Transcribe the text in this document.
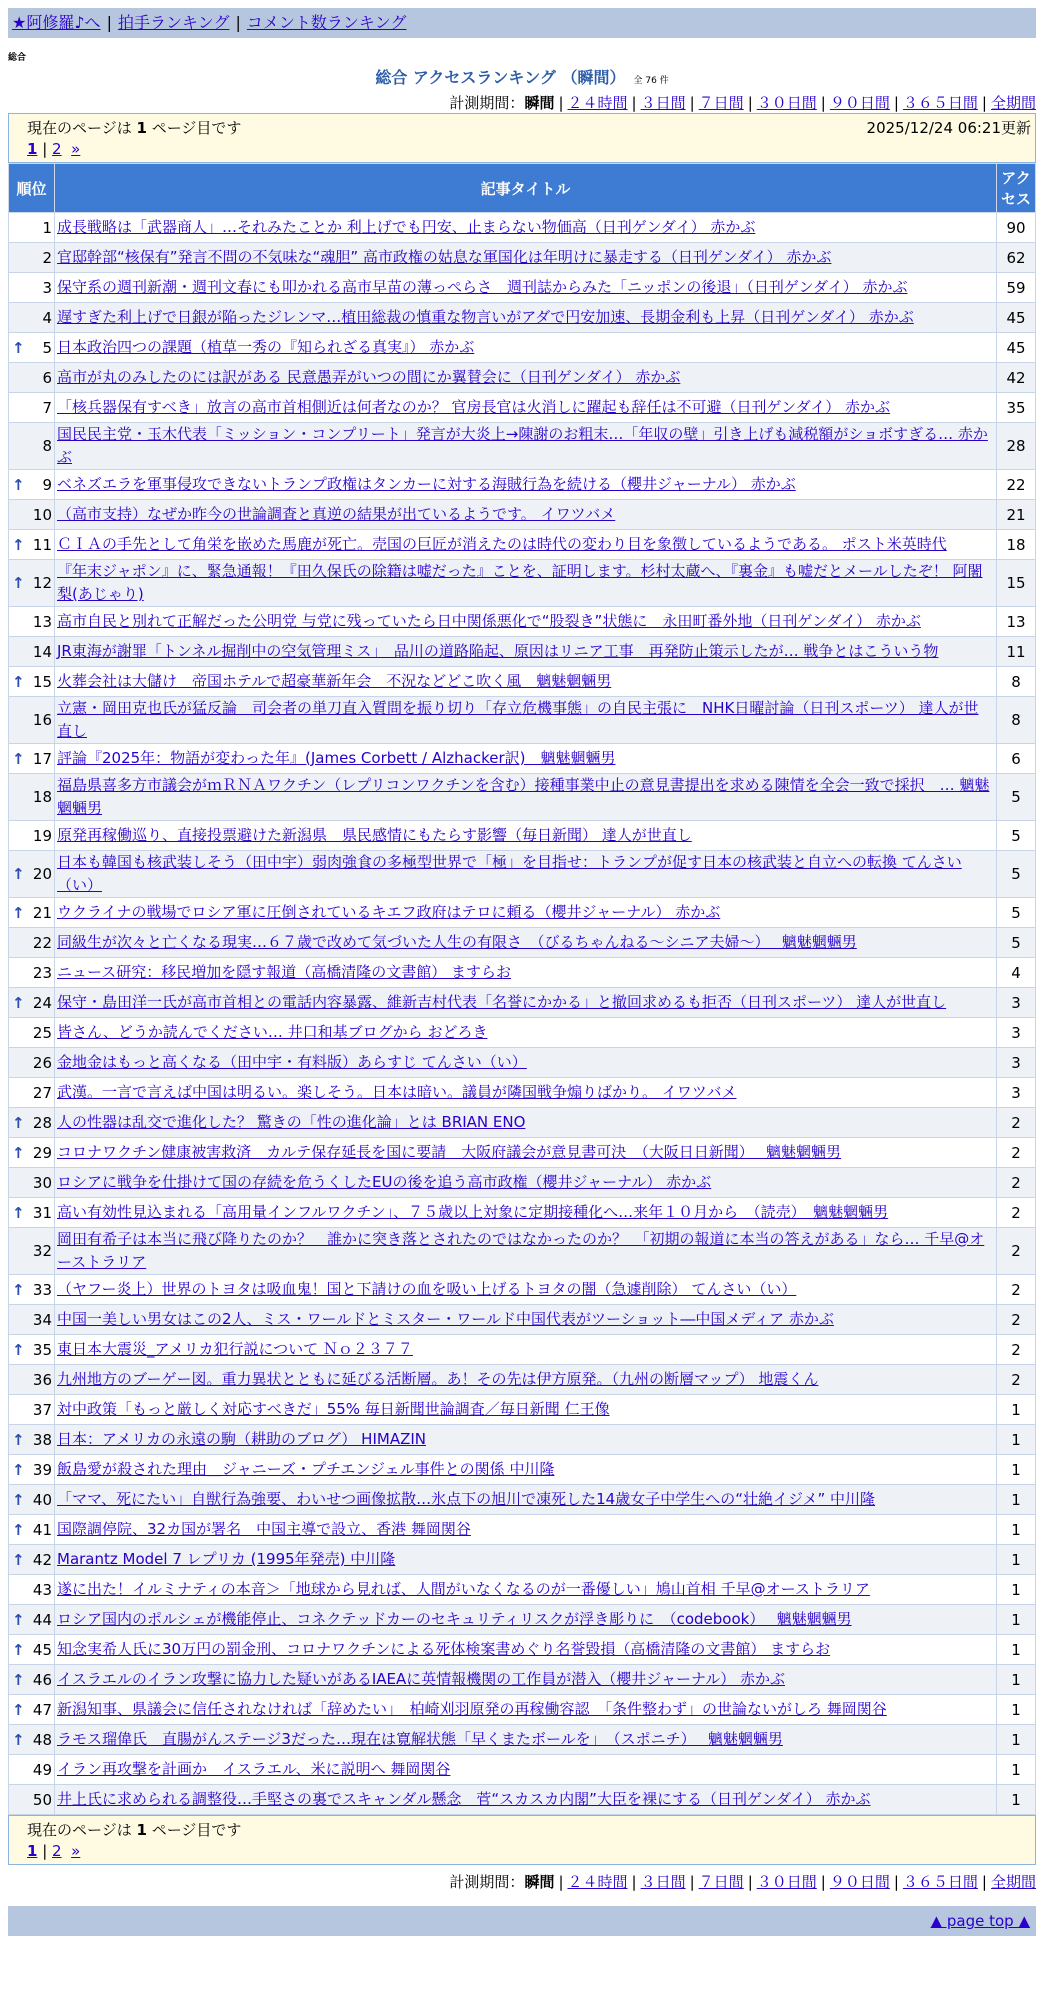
★阿修羅♪へ | 拍手ランキング | コメント数ランキング
総合
総合 アクセスランキング （瞬間） 全 76 件
計測期間：瞬間 | ２４時間 | ３日間 | ７日間 | ３０日間 | ９０日間 | ３６５日間 | 全期間
現在のページは 1 ページ目です	2025/12/24 06:21更新
1 | 2 »
順位	記事タイトル	アクセス
1	成長戦略は「武器商人」…それみたことか 利上げでも円安、止まらない物価高（日刊ゲンダイ） 赤かぶ	90
2	官邸幹部“核保有”発言不問の不気味な“魂胆” 高市政権の姑息な軍国化は年明けに暴走する（日刊ゲンダイ） 赤かぶ	62
3	保守系の週刊新潮・週刊文春にも叩かれる高市早苗の薄っぺらさ　週刊誌からみた「ニッポンの後退」（日刊ゲンダイ） 赤かぶ	59
4	遅すぎた利上げで日銀が陥ったジレンマ…植田総裁の慎重な物言いがアダで円安加速、長期金利も上昇（日刊ゲンダイ） 赤かぶ	45

↑ 5	日本政治四つの課題（植草一秀の『知られざる真実』） 赤かぶ	45
6	高市が丸のみしたのには訳がある 民意愚弄がいつの間にか翼賛会に（日刊ゲンダイ） 赤かぶ	42
7	「核兵器保有すべき」放言の高市首相側近は何者なのか？ 官房長官は火消しに躍起も辞任は不可避（日刊ゲンダイ） 赤かぶ	35
8	国民民主党・玉木代表「ミッション・コンプリート」発言が大炎上→陳謝のお粗末…「年収の壁」引き上げも減税額がショボすぎる… 赤かぶ	28

↑ 9	ベネズエラを軍事侵攻できないトランプ政権はタンカーに対する海賊行為を続ける（櫻井ジャーナル） 赤かぶ	22
10	（高市支持）なぜか昨今の世論調査と真逆の結果が出ているようです。 イワツバメ	21

↑ 11	ＣＩＡの手先として角栄を嵌めた馬鹿が死亡。売国の巨匠が消えたのは時代の変わり目を象徴しているようである。 ポスト米英時代	18

↑ 12	『年末ジャポン』に、緊急通報！『田久保氏の除籍は嘘だった』ことを、証明します。杉村太蔵へ、『裏金』も嘘だとメールしたぞ！ 阿闍梨(あじゃり)	15
13	高市自民と別れて正解だった公明党 与党に残っていたら日中関係悪化で“股裂き”状態に　永田町番外地（日刊ゲンダイ） 赤かぶ	13
14	JR東海が謝罪「トンネル掘削中の空気管理ミス」　品川の道路陥起、原因はリニア工事　再発防止策示したが… 戦争とはこういう物	11

↑ 15	火葬会社は大儲け　帝国ホテルで超豪華新年会　不況などどこ吹く風　魑魅魍魎男	8
16	立憲・岡田克也氏が猛反論　司会者の単刀直入質問を振り切り「存立危機事態」の自民主張に　NHK日曜討論（日刊スポーツ） 達人が世直し	8

↑ 17	評論『2025年：物語が変わった年』(James Corbett / Alzhacker訳)　魑魅魍魎男	6
18	福島県喜多方市議会がｍＲＮＡワクチン（レプリコンワクチンを含む）接種事業中止の意見書提出を求める陳情を全会一致で採択　… 魑魅魍魎男	5
19	原発再稼働巡り、直接投票避けた新潟県　県民感情にもたらす影響（毎日新聞） 達人が世直し	5

↑ 20	日本も韓国も核武装しそう（田中宇）弱肉強食の多極型世界で「極」を目指せ：トランプが促す日本の核武装と自立への転換 てんさい（い）	5

↑ 21	ウクライナの戦場でロシア軍に圧倒されているキエフ政府はテロに頼る（櫻井ジャーナル） 赤かぶ	5
22	同級生が次々と亡くなる現実…６７歳で改めて気づいた人生の有限さ　（びるちゃんねる～シニア夫婦～）　 魑魅魍魎男	5
23	ニュース研究：移民増加を隠す報道（高橋清隆の文書館） ますらお	4

↑ 24	保守・島田洋一氏が高市首相との電話内容暴露、維新吉村代表「名誉にかかる」と撤回求めるも拒否（日刊スポーツ） 達人が世直し	3
25	皆さん、どうか読んでください… 井口和基ブログから おどろき	3
26	金地金はもっと高くなる（田中宇・有料版）あらすじ てんさい（い）	3
27	武漢。一言で言えば中国は明るい。楽しそう。日本は暗い。議員が隣国戦争煽りばかり。 イワツバメ	3

↑ 28	人の性器は乱交で進化した？ 驚きの「性の進化論」とは BRIAN ENO	2

↑ 29	コロナワクチン健康被害救済　カルテ保存延長を国に要請　大阪府議会が意見書可決　（大阪日日新聞）　 魑魅魍魎男	2
30	ロシアに戦争を仕掛けて国の存続を危うくしたEUの後を追う高市政権（櫻井ジャーナル） 赤かぶ	2

↑ 31	高い有効性見込まれる「高用量インフルワクチン」、７５歳以上対象に定期接種化へ…来年１０月から　（読売）　魑魅魍魎男	2
32	岡田有希子は本当に飛び降りたのか？　誰かに突き落とされたのではなかったのか？　「初期の報道に本当の答えがある」なら… 千早@オーストラリア	2

↑ 33	（ヤフー炎上）世界のトヨタは吸血鬼！国と下請けの血を吸い上げるトヨタの闇（急遽削除） てんさい（い）	2
34	中国一美しい男女はこの2人、ミス・ワールドとミスター・ワールド中国代表がツーショット―中国メディア 赤かぶ	2

↑ 35	東日本大震災_アメリカ犯行説について Ｎｏ２３７７	2
36	九州地方のブーゲー図。重力異状とともに延びる活断層。あ！その先は伊方原発。（九州の断層マップ） 地震くん	2
37	対中政策「もっと厳しく対応すべきだ」55% 毎日新聞世論調査／毎日新聞 仁王像	1

↑ 38	日本：アメリカの永遠の駒（耕助のブログ） HIMAZIN	1

↑ 39	飯島愛が殺された理由＿ジャニーズ・プチエンジェル事件との関係 中川隆	1

↑ 40	「ママ、死にたい」自獣行為強要、わいせつ画像拡散…氷点下の旭川で凍死した14歳女子中学生への“壮絶イジメ” 中川隆	1

↑ 41	国際調停院、32カ国が署名　中国主導で設立、香港 舞岡関谷	1

↑ 42	Marantz Model 7 レプリカ (1995年発売) 中川隆	1
43	遂に出た！イルミナティの本音＞「地球から見れば、人間がいなくなるのが一番優しい」鳩山首相 千早@オーストラリア	1

↑ 44	ロシア国内のポルシェが機能停止、コネクテッドカーのセキュリティリスクが浮き彫りに　（codebook）　 魑魅魍魎男	1

↑ 45	知念実希人氏に30万円の罰金刑、コロナワクチンによる死体検案書めぐり名誉毀損（高橋清隆の文書館） ますらお	1

↑ 46	イスラエルのイラン攻撃に協力した疑いがあるIAEAに英情報機関の工作員が潜入（櫻井ジャーナル） 赤かぶ	1

↑ 47	新潟知事、県議会に信任されなければ「辞めたい」　柏崎刈羽原発の再稼働容認　「条件整わず」の世論ないがしろ 舞岡関谷	1

↑ 48	ラモス瑠偉氏　直腸がんステージ3だった…現在は寛解状態「早くまたボールを」　（スポニチ）　 魑魅魍魎男	1
49	イラン再攻撃を計画か　イスラエル、米に説明へ 舞岡関谷	1
50	井上氏に求められる調整役…手堅さの裏でスキャンダル懸念　菅“スカスカ内閣”大臣を裸にする（日刊ゲンダイ） 赤かぶ	1
現在のページは 1 ページ目です
1 | 2 »
計測期間：瞬間 | ２４時間 | ３日間 | ７日間 | ３０日間 | ９０日間 | ３６５日間 | 全期間
▲ page top ▲
